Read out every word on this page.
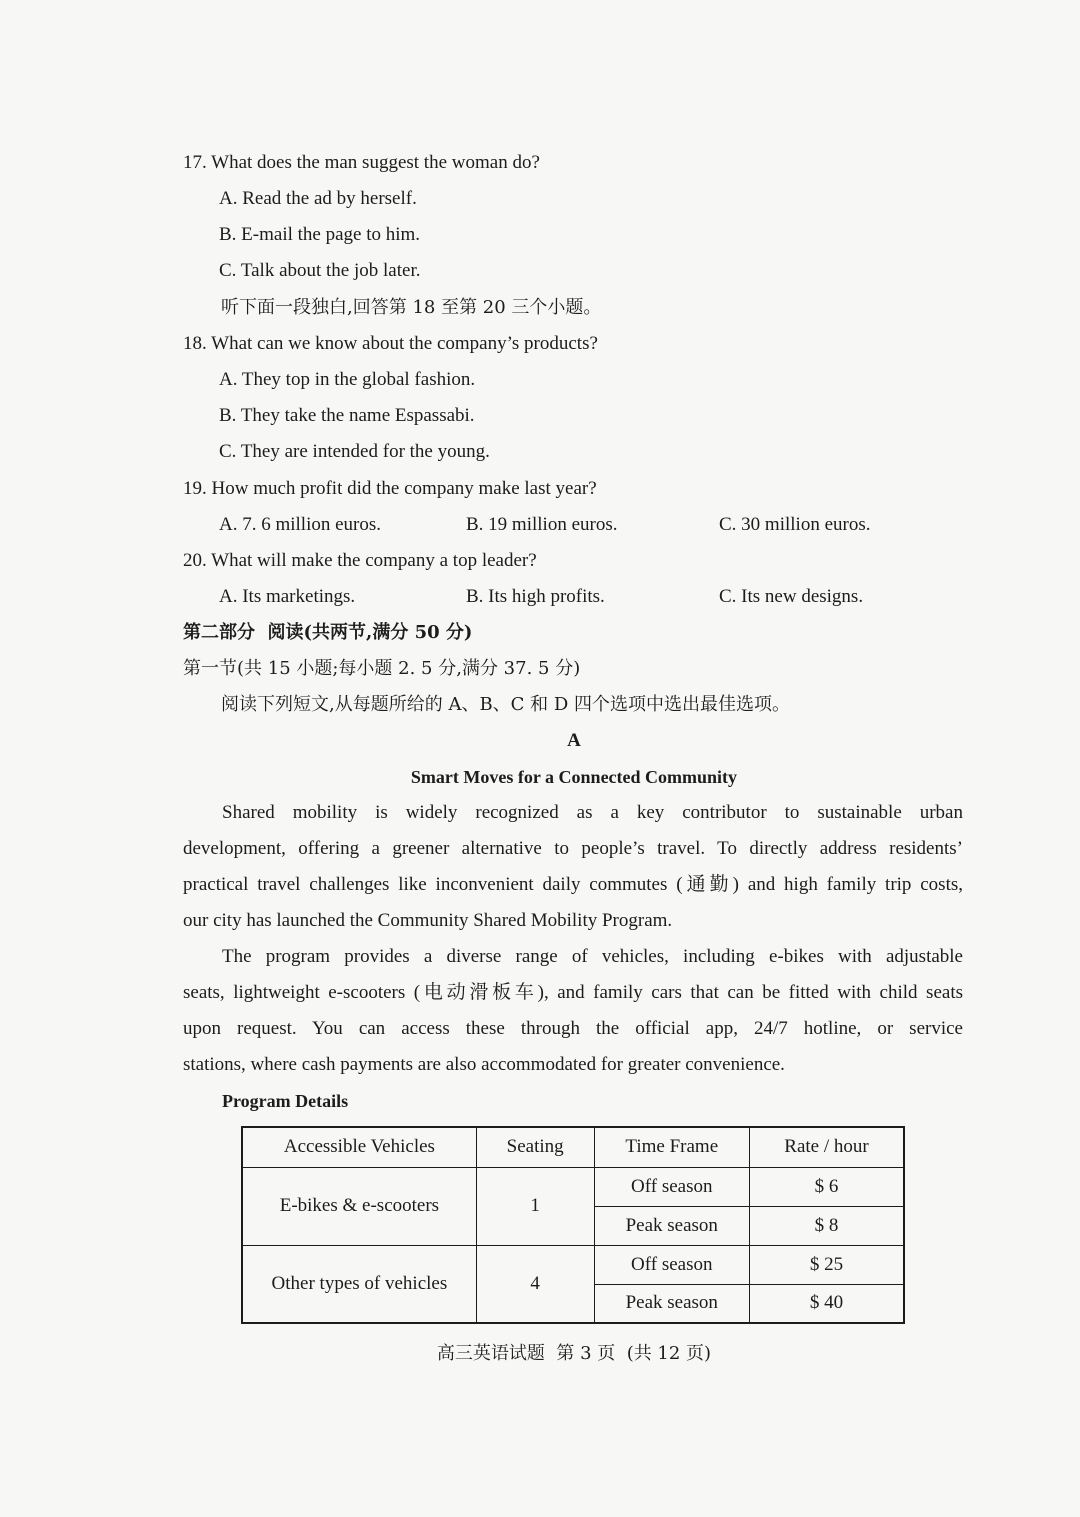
17. What does the man suggest the woman do?
A. Read the ad by herself.
B. E-mail the page to him.
C. Talk about the job later.
听下面一段独白,回答第 18 至第 20 三个小题。
18. What can we know about the company’s products?
A. They top in the global fashion.
B. They take the name Espassabi.
C. They are intended for the young.
19. How much profit did the company make last year?
A. 7. 6 million euros.	B. 19 million euros.	C. 30 million euros.
20. What will make the company a top leader?
A. Its marketings.	B. Its high profits.	C. Its new designs.
第二部分  阅读(共两节,满分 50 分)
第一节(共 15 小题;每小题 2. 5 分,满分 37. 5 分)
阅读下列短文,从每题所给的 A、B、C 和 D 四个选项中选出最佳选项。
A
Smart Moves for a Connected Community
Shared mobility is widely recognized as a key contributor to sustainable urban
development, offering a greener alternative to people’s travel. To directly address residents’
practical travel challenges like inconvenient daily commutes (通勤) and high family trip costs,
our city has launched the Community Shared Mobility Program.
The program provides a diverse range of vehicles, including e-bikes with adjustable
seats, lightweight e-scooters (电动滑板车), and family cars that can be fitted with child seats
upon request. You can access these through the official app, 24/7 hotline, or service
stations, where cash payments are also accommodated for greater convenience.
Program Details
Accessible Vehicles	Seating	Time Frame	Rate / hour
E-bikes & e-scooters	1	Off season	$ 6
		Peak season	$ 8
Other types of vehicles	4	Off season	$ 25
		Peak season	$ 40
高三英语试题  第 3 页  (共 12 页)
